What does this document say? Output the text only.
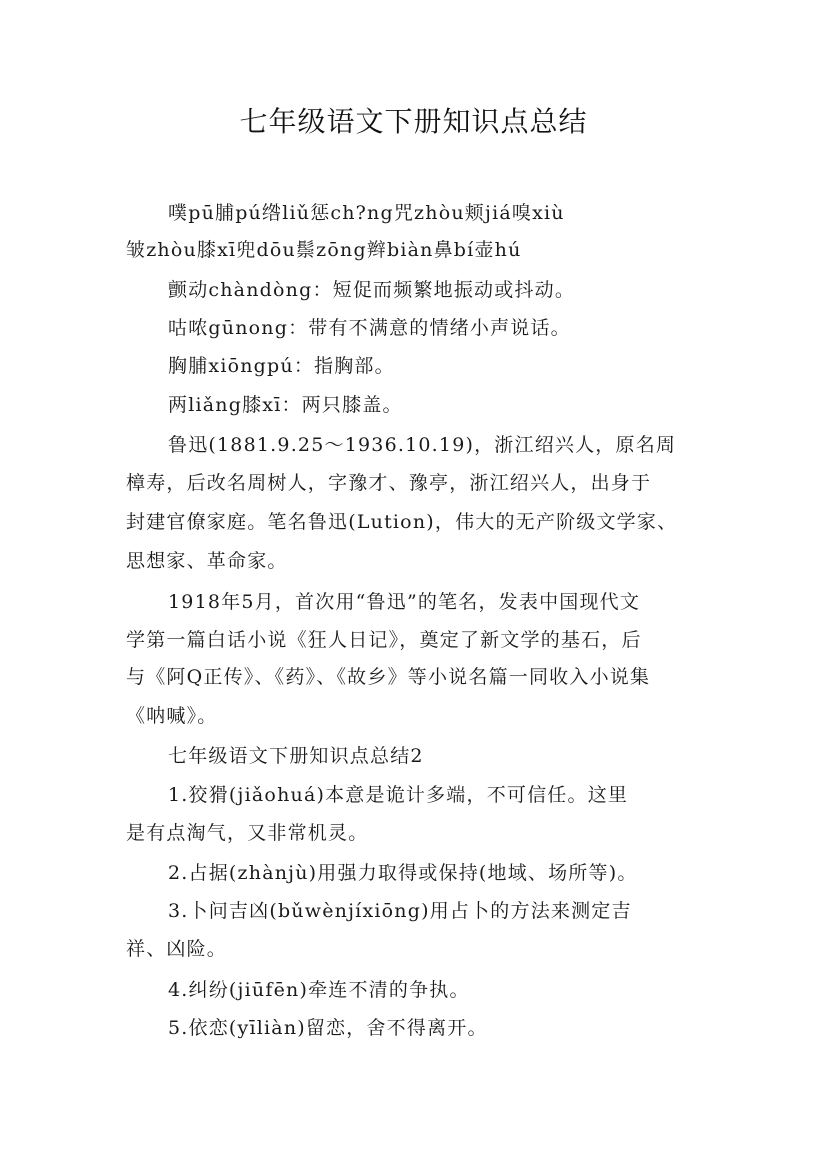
七年级语文下册知识点总结
噗pū脯pú绺liǔ惩ch?ng咒zhòu颊jiá嗅xiù
皱zhòu膝xī兜dōu鬃zōng辫biàn鼻bí壶hú
颤动chàndòng：短促而频繁地振动或抖动。
咕哝gūnong：带有不满意的情绪小声说话。
胸脯xiōngpú：指胸部。
两liǎng膝xī：两只膝盖。
鲁迅(1881.9.25～1936.10.19)，浙江绍兴人，原名周
樟寿，后改名周树人，字豫才、豫亭，浙江绍兴人，出身于
封建官僚家庭。笔名鲁迅(Lution)，伟大的无产阶级文学家、
思想家、革命家。
1918年5月，首次用“鲁迅”的笔名，发表中国现代文
学第一篇白话小说《狂人日记》，奠定了新文学的基石，后
与《阿Q正传》、《药》、《故乡》等小说名篇一同收入小说集
《呐喊》。
七年级语文下册知识点总结2
1.狡猾(jiǎohuá)本意是诡计多端，不可信任。这里
是有点淘气，又非常机灵。
2.占据(zhànjù)用强力取得或保持(地域、场所等)。
3.卜问吉凶(bǔwènjíxiōng)用占卜的方法来测定吉
祥、凶险。
4.纠纷(jiūfēn)牵连不清的争执。
5.依恋(yīliàn)留恋，舍不得离开。
